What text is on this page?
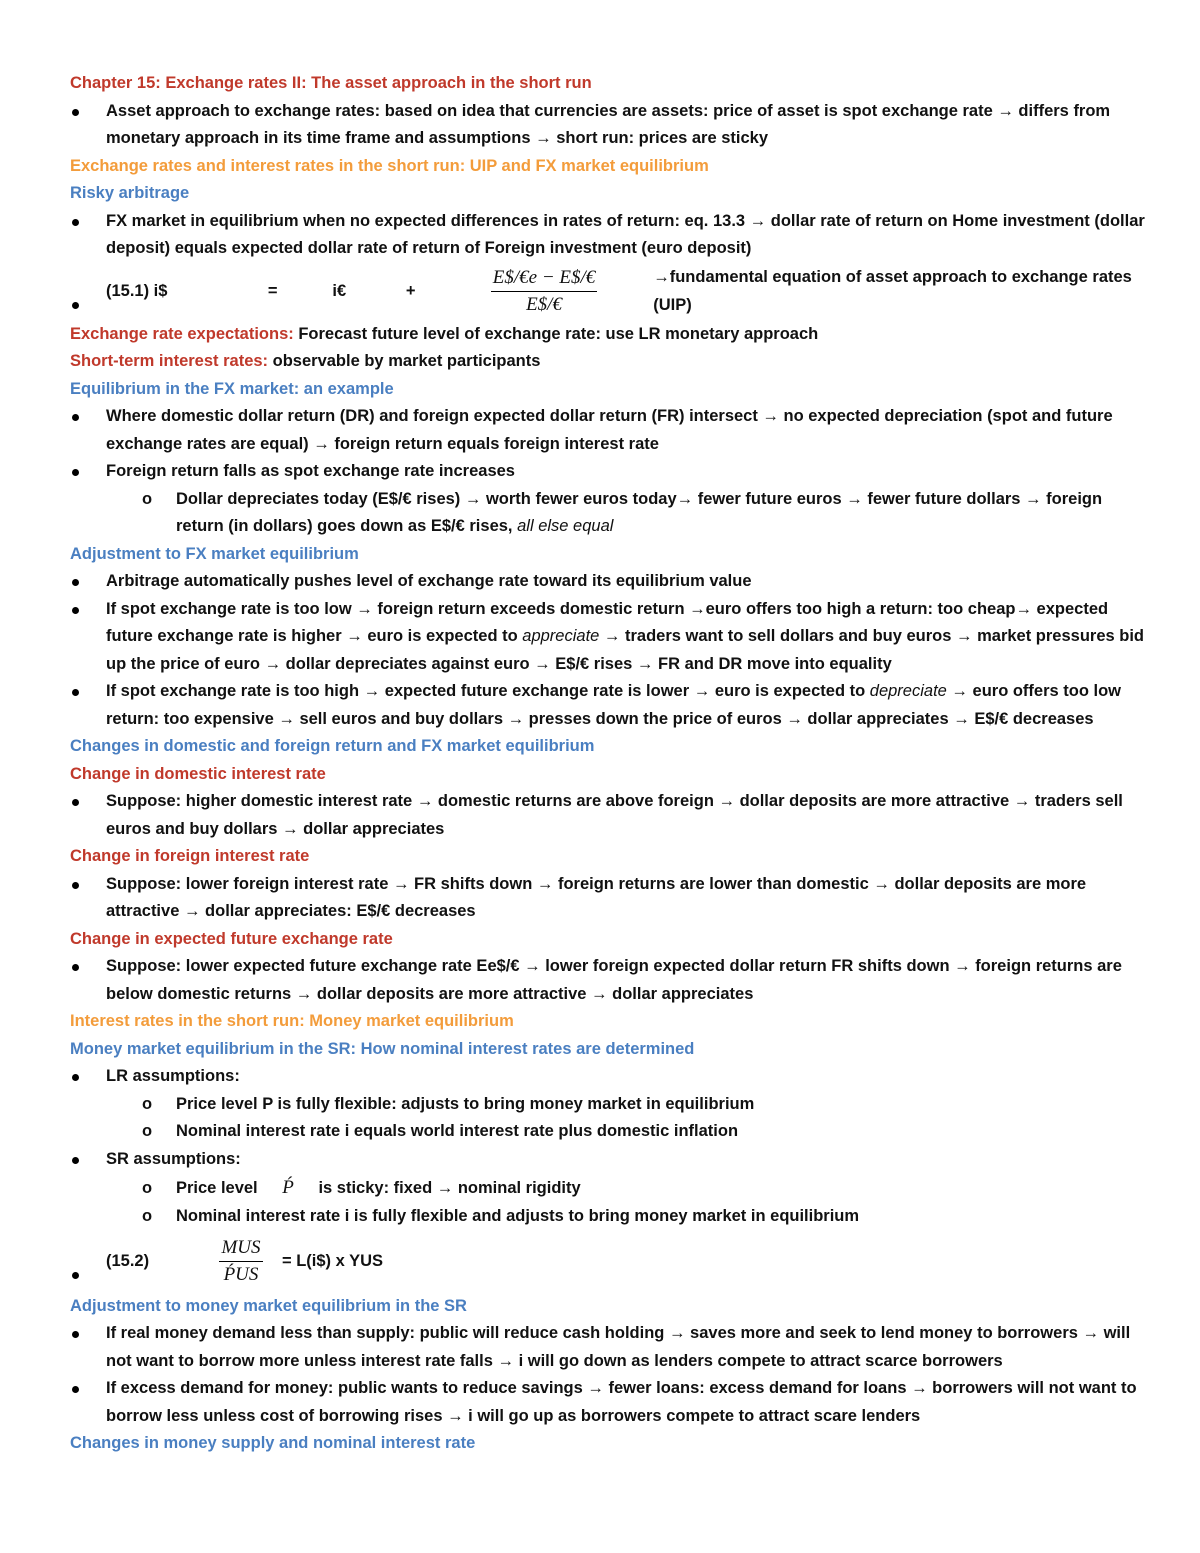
Chapter 15: Exchange rates II: The asset approach in the short run
Asset approach to exchange rates: based on idea that currencies are assets: price of asset is spot exchange rate → differs from monetary approach in its time frame and assumptions → short run: prices are sticky
Exchange rates and interest rates in the short run: UIP and FX market equilibrium
Risky arbitrage
FX market in equilibrium when no expected differences in rates of return: eq. 13.3 → dollar rate of return on Home investment (dollar deposit) equals expected dollar rate of return of Foreign investment (euro deposit)
(15.1) i$	=	i€	+	$\frac{E\$/€e - E\$/€}{E\$/€}$	→fundamental equation of asset approach to exchange rates (UIP)
Exchange rate expectations: Forecast future level of exchange rate: use LR monetary approach
Short-term interest rates: observable by market participants
Equilibrium in the FX market: an example
Where domestic dollar return (DR) and foreign expected dollar return (FR) intersect → no expected depreciation (spot and future exchange rates are equal) → foreign return equals foreign interest rate
Foreign return falls as spot exchange rate increases
o Dollar depreciates today (E$/€ rises) → worth fewer euros today→ fewer future euros → fewer future dollars → foreign return (in dollars) goes down as E$/€ rises, all else equal
Adjustment to FX market equilibrium
Arbitrage automatically pushes level of exchange rate toward its equilibrium value
If spot exchange rate is too low → foreign return exceeds domestic return →euro offers too high a return: too cheap→ expected future exchange rate is higher → euro is expected to appreciate → traders want to sell dollars and buy euros → market pressures bid up the price of euro → dollar depreciates against euro → E$/€ rises → FR and DR move into equality
If spot exchange rate is too high → expected future exchange rate is lower → euro is expected to depreciate → euro offers too low return: too expensive → sell euros and buy dollars → presses down the price of euros → dollar appreciates → E$/€ decreases
Changes in domestic and foreign return and FX market equilibrium
Change in domestic interest rate
Suppose: higher domestic interest rate → domestic returns are above foreign → dollar deposits are more attractive → traders sell euros and buy dollars → dollar appreciates
Change in foreign interest rate
Suppose: lower foreign interest rate → FR shifts down → foreign returns are lower than domestic → dollar deposits are more attractive → dollar appreciates: E$/€ decreases
Change in expected future exchange rate
Suppose: lower expected future exchange rate Ee$/€ → lower foreign expected dollar return FR shifts down → foreign returns are below domestic returns → dollar deposits are more attractive → dollar appreciates
Interest rates in the short run: Money market equilibrium
Money market equilibrium in the SR: How nominal interest rates are determined
LR assumptions:
o Price level P is fully flexible: adjusts to bring money market in equilibrium
o Nominal interest rate i equals world interest rate plus domestic inflation
SR assumptions:
o Price level Ṕ is sticky: fixed → nominal rigidity
o Nominal interest rate i is fully flexible and adjusts to bring money market in equilibrium
(15.2)	$\frac{\text{MUS}}{\text{ṔUS}}$ = L(i$) x YUS
Adjustment to money market equilibrium in the SR
If real money demand less than supply: public will reduce cash holding → saves more and seek to lend money to borrowers → will not want to borrow more unless interest rate falls → i will go down as lenders compete to attract scarce borrowers
If excess demand for money: public wants to reduce savings → fewer loans: excess demand for loans → borrowers will not want to borrow less unless cost of borrowing rises → i will go up as borrowers compete to attract scare lenders
Changes in money supply and nominal interest rate
